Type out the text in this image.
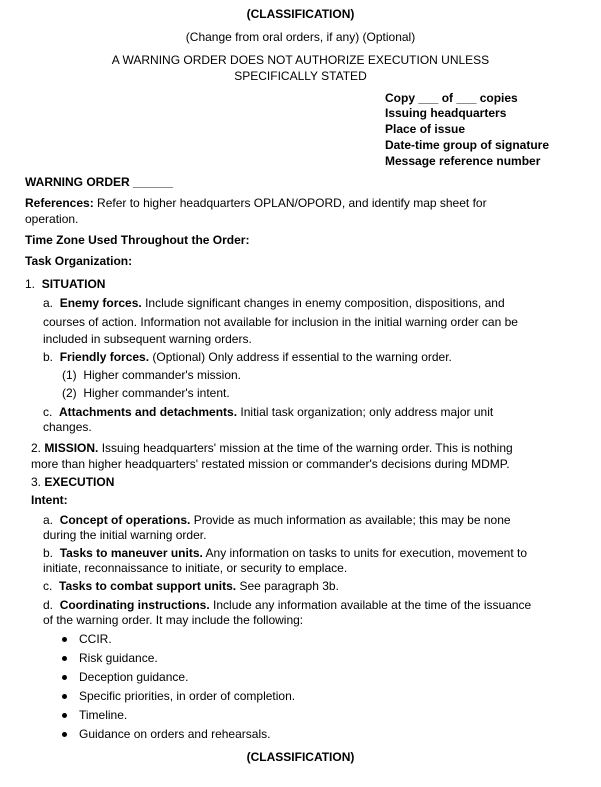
(CLASSIFICATION)
(Change from oral orders, if any) (Optional)
A WARNING ORDER DOES NOT AUTHORIZE EXECUTION UNLESS
SPECIFICALLY STATED
Copy ___ of ___ copies
Issuing headquarters
Place of issue
Date-time group of signature
Message reference number
WARNING ORDER ______
References: Refer to higher headquarters OPLAN/OPORD, and identify map sheet for
operation.
Time Zone Used Throughout the Order:
Task Organization:
1. SITUATION
a. Enemy forces. Include significant changes in enemy composition, dispositions, and
courses of action. Information not available for inclusion in the initial warning order can be
included in subsequent warning orders.
b. Friendly forces. (Optional) Only address if essential to the warning order.
(1) Higher commander's mission.
(2) Higher commander's intent.
c. Attachments and detachments. Initial task organization; only address major unit
changes.
2. MISSION. Issuing headquarters' mission at the time of the warning order. This is nothing
more than higher headquarters' restated mission or commander's decisions during MDMP.
3. EXECUTION
Intent:
a. Concept of operations. Provide as much information as available; this may be none
during the initial warning order.
b. Tasks to maneuver units. Any information on tasks to units for execution, movement to
initiate, reconnaissance to initiate, or security to emplace.
c. Tasks to combat support units. See paragraph 3b.
d. Coordinating instructions. Include any information available at the time of the issuance
of the warning order. It may include the following:
CCIR.
Risk guidance.
Deception guidance.
Specific priorities, in order of completion.
Timeline.
Guidance on orders and rehearsals.
(CLASSIFICATION)
